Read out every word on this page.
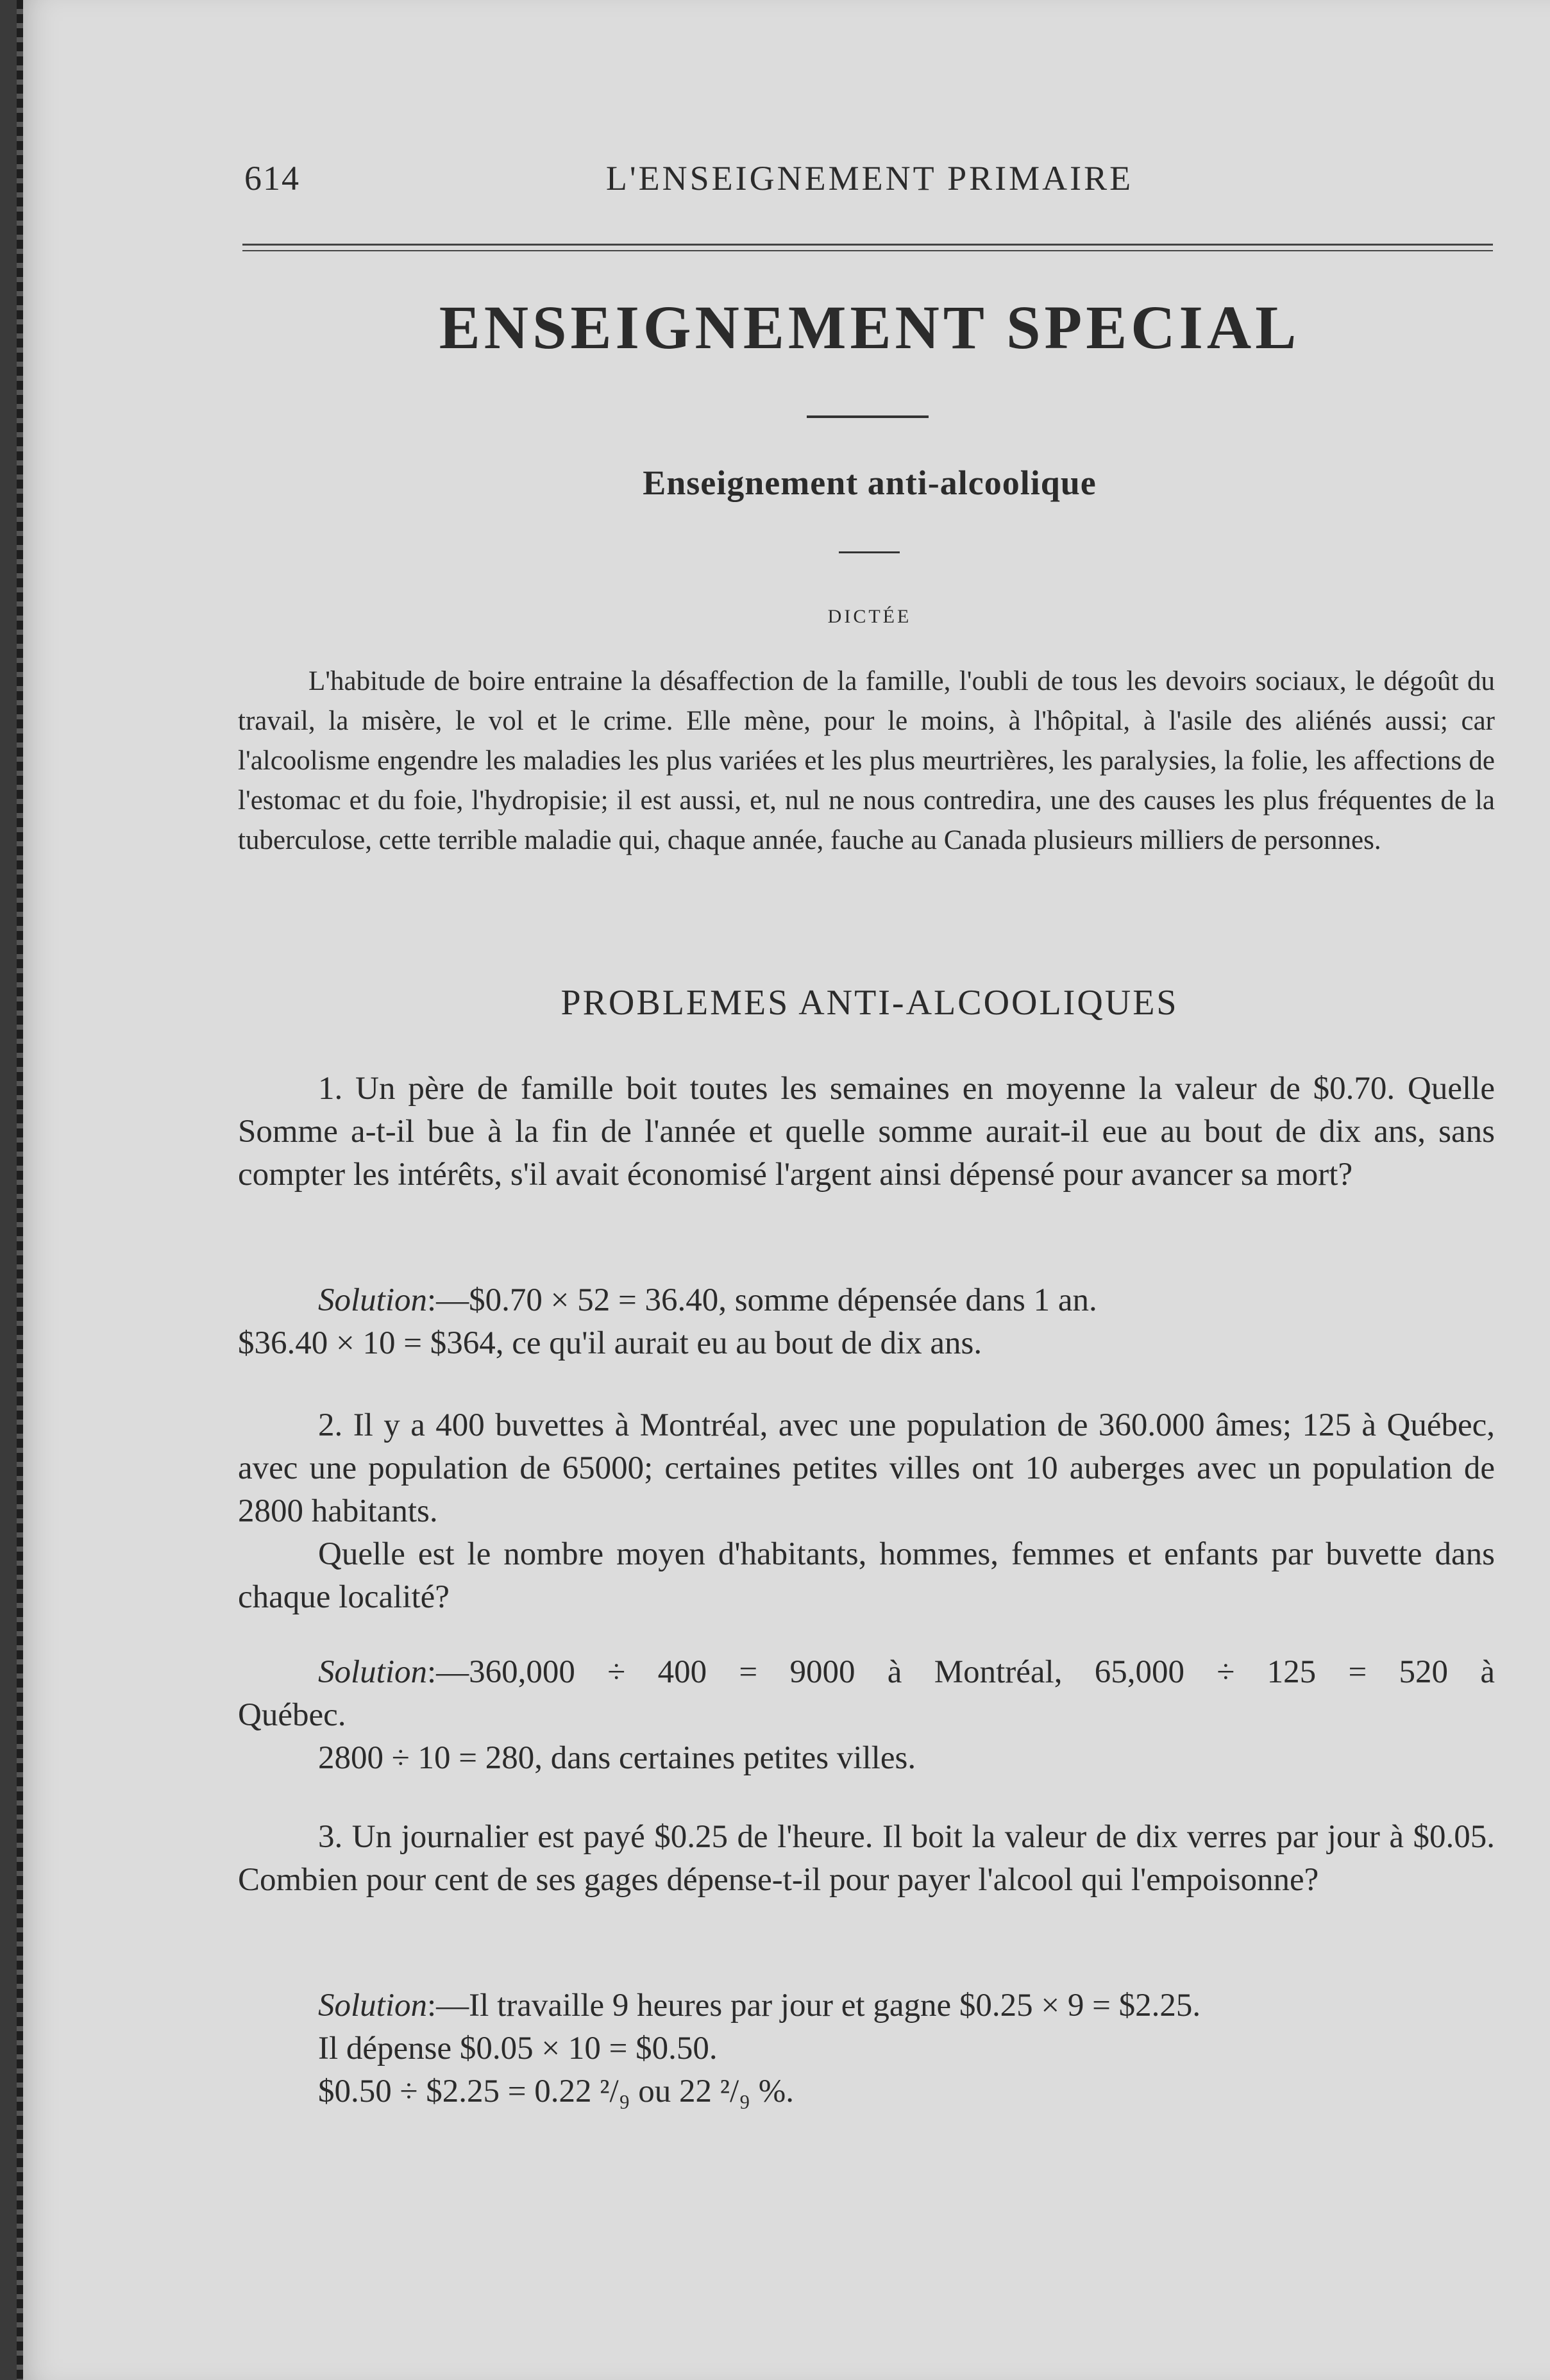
614	L'ENSEIGNEMENT PRIMAIRE
ENSEIGNEMENT SPECIAL
Enseignement anti-alcoolique
DICTÉE

L'habitude de boire entraine la désaffection de la famille, l'oubli de tous les devoirs sociaux, le dégoût du travail, la misère, le vol et le crime. Elle mène, pour le moins, à l'hôpital, à l'asile des aliénés aussi; car l'alcoolisme engendre les maladies les plus variées et les plus meurtrières, les paralysies, la folie, les affections de l'estomac et du foie, l'hydropisie; il est aussi, et, nul ne nous contredira, une des causes les plus fréquentes de la tuberculose, cette terrible maladie qui, chaque année, fauche au Canada plusieurs milliers de personnes.

PROBLEMES ANTI-ALCOOLIQUES

1. Un père de famille boit toutes les semaines en moyenne la valeur de $0.70. Quelle Somme a-t-il bue à la fin de l'année et quelle somme aurait-il eue au bout de dix ans, sans compter les intérêts, s'il avait économisé l'argent ainsi dépensé pour avancer sa mort?

Solution:—$0.70 × 52 = 36.40, somme dépensée dans 1 an.
$36.40 × 10 = $364, ce qu'il aurait eu au bout de dix ans.

2. Il y a 400 buvettes à Montréal, avec une population de 360.000 âmes; 125 à Québec, avec une population de 65000; certaines petites villes ont 10 auberges avec un population de 2800 habitants.

Quelle est le nombre moyen d'habitants, hommes, femmes et enfants par buvette dans chaque localité?

Solution:—360,000 ÷ 400 = 9000 à Montréal, 65,000 ÷ 125 = 520 à
Québec.
2800 ÷ 10 = 280, dans certaines petites villes.

3. Un journalier est payé $0.25 de l'heure. Il boit la valeur de dix verres par jour à $0.05. Combien pour cent de ses gages dépense-t-il pour payer l'alcool qui l'empoisonne?

Solution:—Il travaille 9 heures par jour et gagne $0.25 × 9 = $2.25.
Il dépense $0.05 × 10 = $0.50.
$0.50 ÷ $2.25 = 0.22 ²/₉ ou 22 ²/₉ %.
